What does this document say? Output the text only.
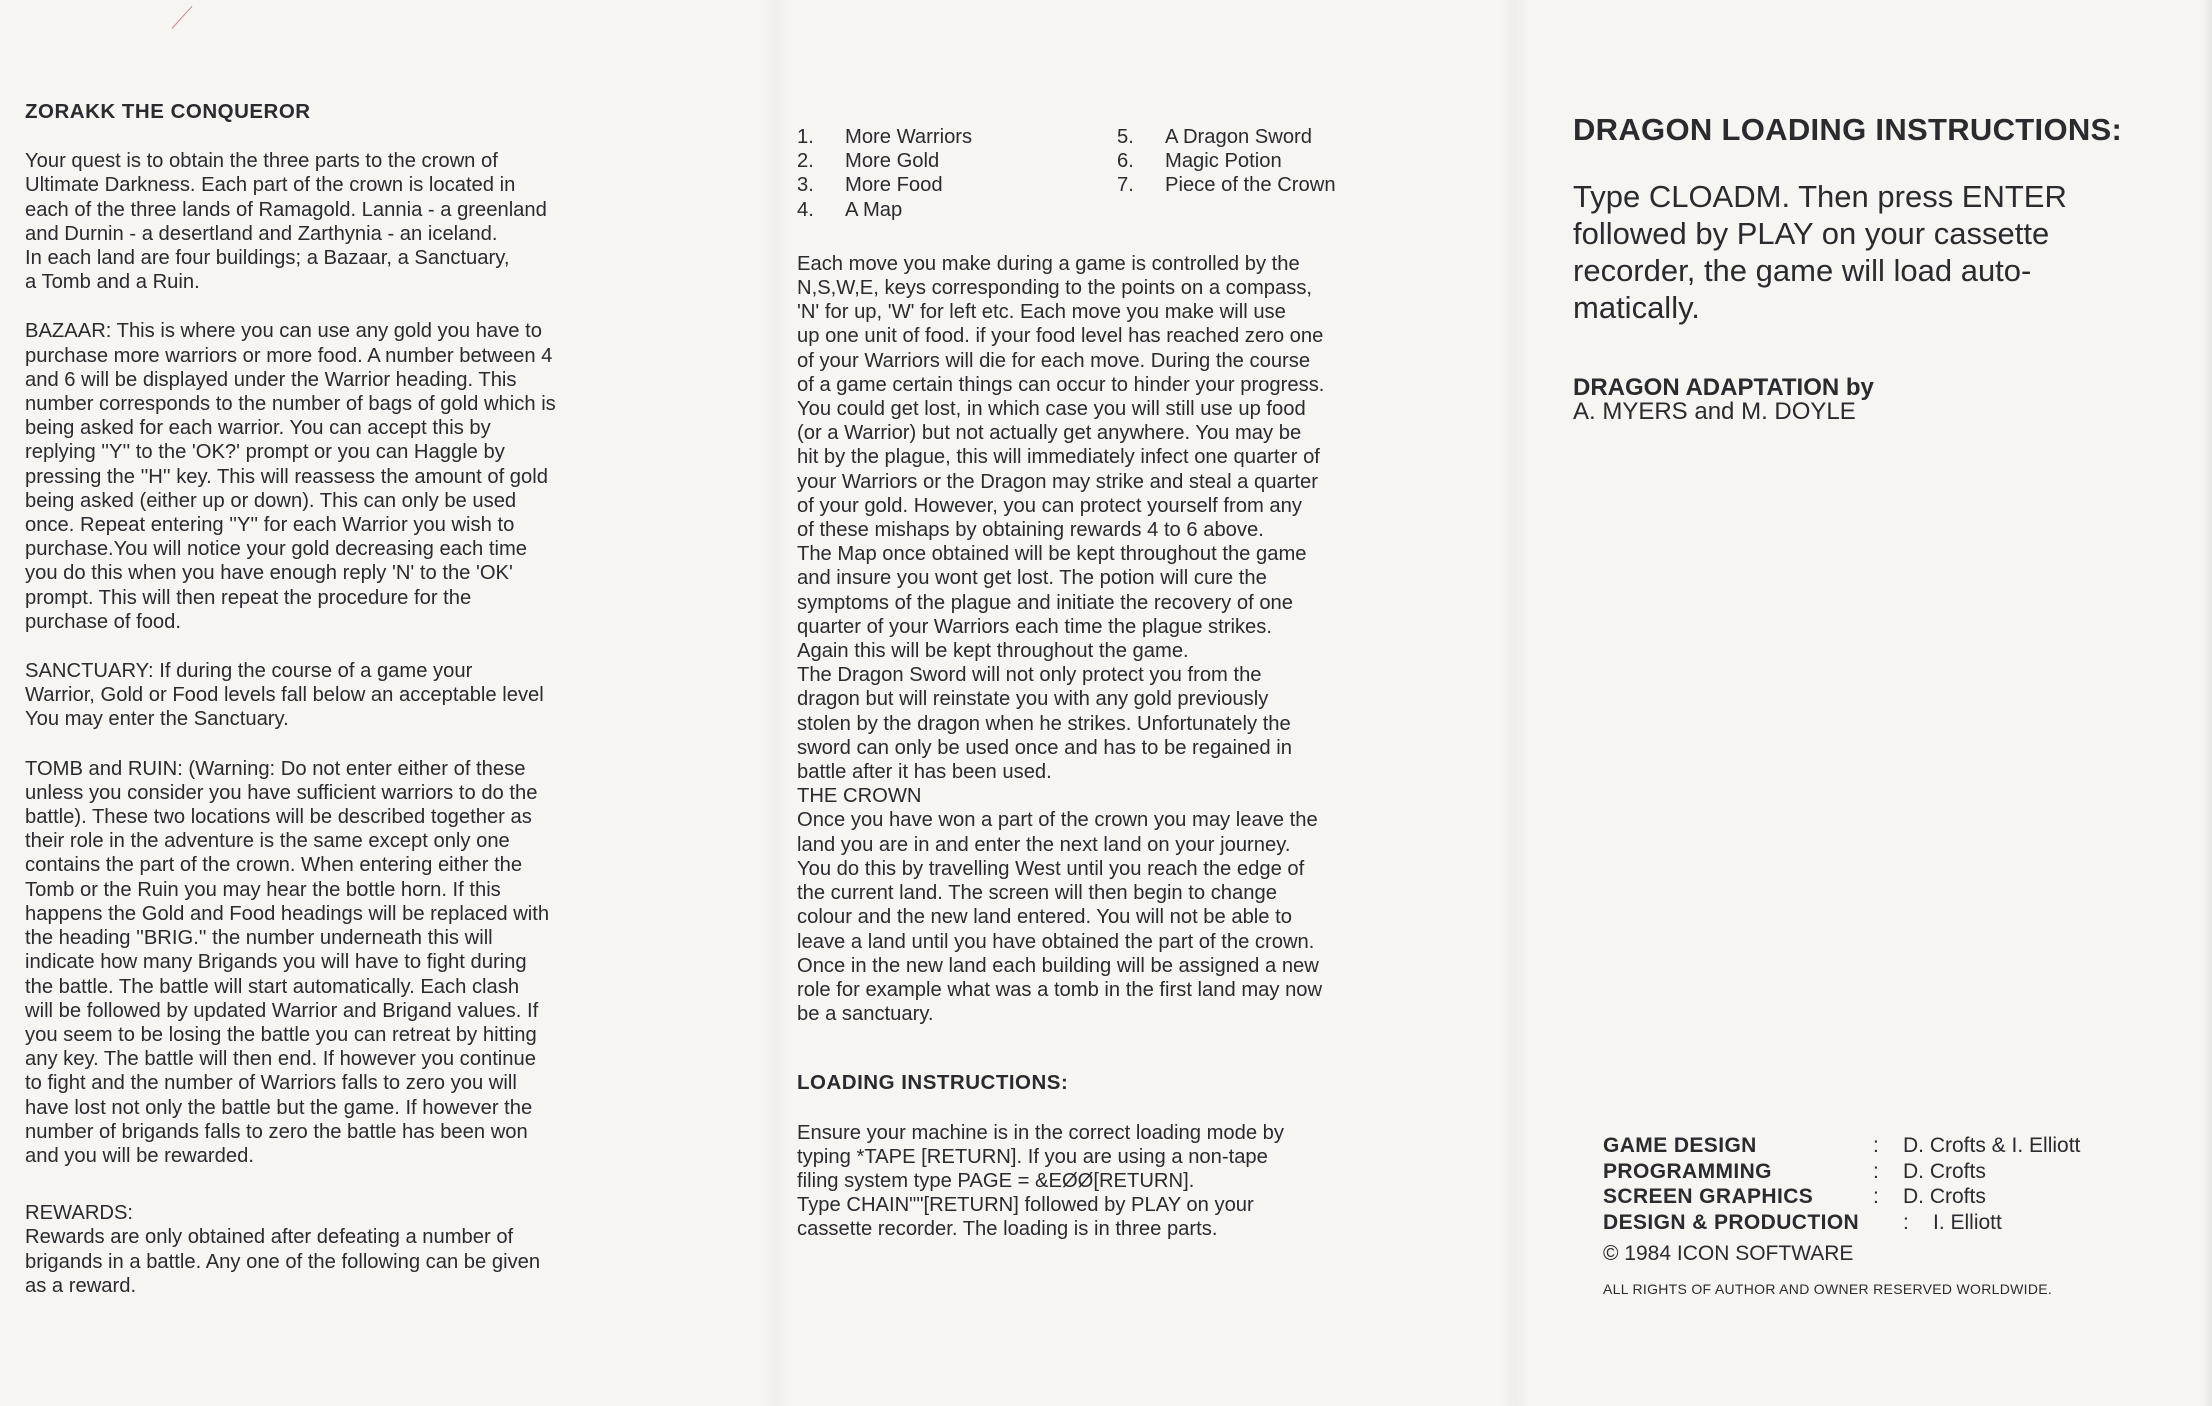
ZORAKK THE CONQUEROR

Your quest is to obtain the three parts to the crown of
Ultimate Darkness. Each part of the crown is located in
each of the three lands of Ramagold. Lannia - a greenland
and Durnin - a desertland and Zarthynia - an iceland.
In each land are four buildings; a Bazaar, a Sanctuary,
a Tomb and a Ruin.

BAZAAR: This is where you can use any gold you have to
purchase more warriors or more food. A number between 4
and 6 will be displayed under the Warrior heading. This
number corresponds to the number of bags of gold which is
being asked for each warrior. You can accept this by
replying ''Y'' to the 'OK?' prompt or you can Haggle by
pressing the ''H'' key. This will reassess the amount of gold
being asked (either up or down). This can only be used
once. Repeat entering ''Y'' for each Warrior you wish to
purchase.You will notice your gold decreasing each time
you do this when you have enough reply 'N' to the 'OK'
prompt. This will then repeat the procedure for the
purchase of food.

SANCTUARY: If during the course of a game your
Warrior, Gold or Food levels fall below an acceptable level
You may enter the Sanctuary.

TOMB and RUIN: (Warning: Do not enter either of these
unless you consider you have sufficient warriors to do the
battle). These two locations will be described together as
their role in the adventure is the same except only one
contains the part of the crown. When entering either the
Tomb or the Ruin you may hear the bottle horn. If this
happens the Gold and Food headings will be replaced with
the heading ''BRIG.'' the number underneath this will
indicate how many Brigands you will have to fight during
the battle. The battle will start automatically. Each clash
will be followed by updated Warrior and Brigand values. If
you seem to be losing the battle you can retreat by hitting
any key. The battle will then end. If however you continue
to fight and the number of Warriors falls to zero you will
have lost not only the battle but the game. If however the
number of brigands falls to zero the battle has been won
and you will be rewarded.

REWARDS:

Rewards are only obtained after defeating a number of
brigands in a battle. Any one of the following can be given
as a reward.

1.	More Warriors
2.	More Gold
3.	More Food
4.	A Map
5.	A Dragon Sword
6.	Magic Potion
7.	Piece of the Crown

Each move you make during a game is controlled by the
N,S,W,E, keys corresponding to the points on a compass,
'N' for up, 'W' for left etc. Each move you make will use
up one unit of food. if your food level has reached zero one
of your Warriors will die for each move. During the course
of a game certain things can occur to hinder your progress.
You could get lost, in which case you will still use up food
(or a Warrior) but not actually get anywhere. You may be
hit by the plague, this will immediately infect one quarter of
your Warriors or the Dragon may strike and steal a quarter
of your gold. However, you can protect yourself from any
of these mishaps by obtaining rewards 4 to 6 above.
The Map once obtained will be kept throughout the game
and insure you wont get lost. The potion will cure the
symptoms of the plague and initiate the recovery of one
quarter of your Warriors each time the plague strikes.
Again this will be kept throughout the game.
The Dragon Sword will not only protect you from the
dragon but will reinstate you with any gold previously
stolen by the dragon when he strikes. Unfortunately the
sword can only be used once and has to be regained in
battle after it has been used.
THE CROWN
Once you have won a part of the crown you may leave the
land you are in and enter the next land on your journey.
You do this by travelling West until you reach the edge of
the current land. The screen will then begin to change
colour and the new land entered. You will not be able to
leave a land until you have obtained the part of the crown.
Once in the new land each building will be assigned a new
role for example what was a tomb in the first land may now
be a sanctuary.

LOADING INSTRUCTIONS:

Ensure your machine is in the correct loading mode by
typing *TAPE [RETURN]. If you are using a non-tape
filing system type PAGE = &EØØ[RETURN].
Type CHAIN""[RETURN] followed by PLAY on your
cassette recorder. The loading is in three parts.

DRAGON LOADING INSTRUCTIONS:

Type CLOADM. Then press ENTER
followed by PLAY on your cassette
recorder, the game will load auto-
matically.

DRAGON ADAPTATION by

A. MYERS and M. DOYLE

GAME DESIGN	:	D. Crofts & I. Elliott
PROGRAMMING	:	D. Crofts
SCREEN GRAPHICS	:	D. Crofts
DESIGN & PRODUCTION	:	I. Elliott
© 1984 ICON SOFTWARE
ALL RIGHTS OF AUTHOR AND OWNER RESERVED WORLDWIDE.
